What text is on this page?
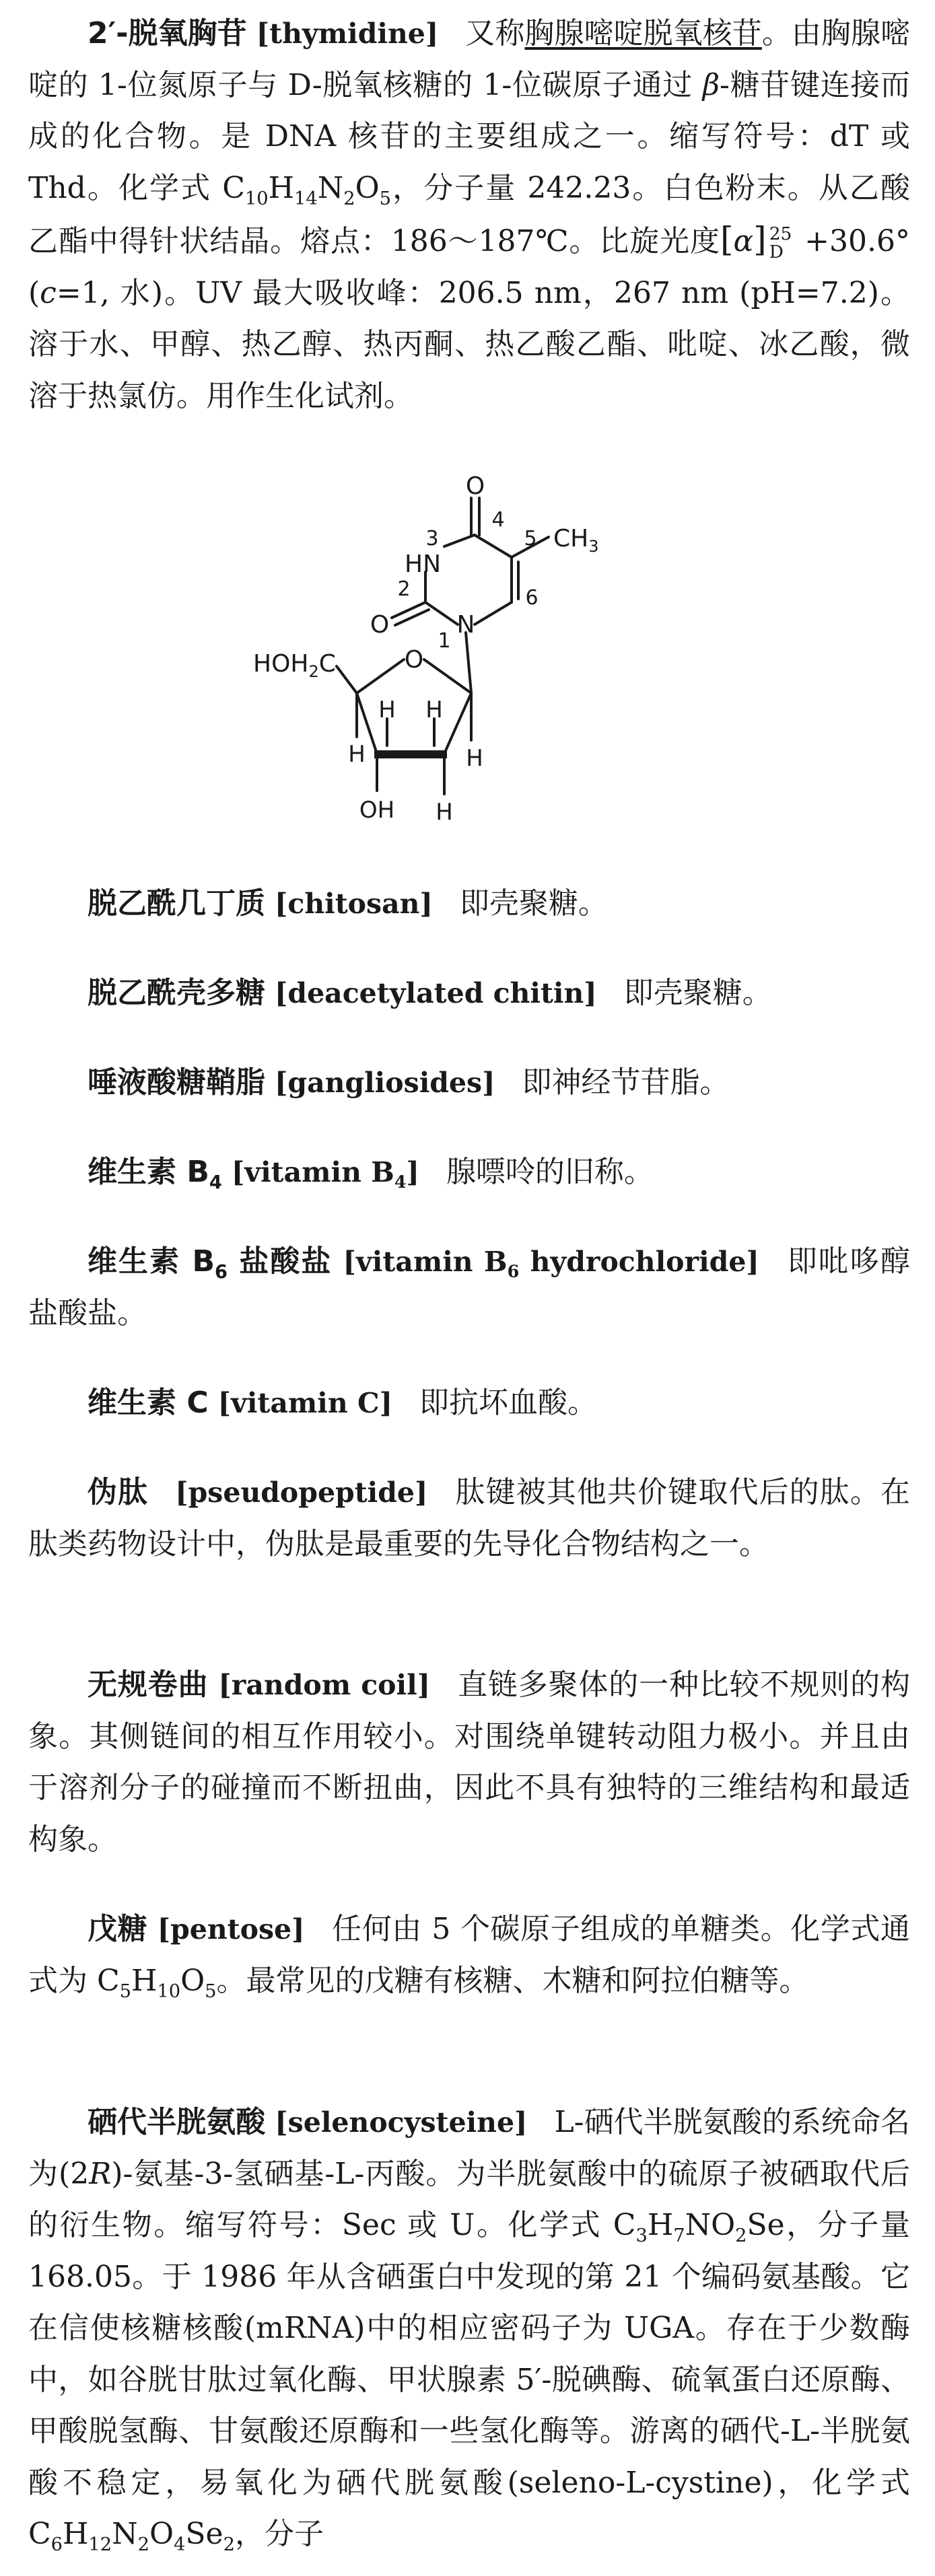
2′-脱氧胸苷 [thymidine] 又称胸腺嘧啶脱氧核苷。由胸腺嘧啶的 1-位氮原子与 D-脱氧核糖的 1-位碳原子通过 β-糖苷键连接而成的化合物。是 DNA 核苷的主要组成之一。缩写符号：dT 或 Thd。化学式 $C_{10}H_{14}N_2O_5$，分子量 242.23。白色粉末。从乙酸乙酯中得针状结晶。熔点：186～187℃。比旋光度[α] 25
D +30.6°(c=1, 水)。UV 最大吸收峰：206.5 nm，267 nm (pH=7.2)。溶于水、甲醇、热乙醇、热丙酮、热乙酸乙酯、吡啶、冰乙酸，微溶于热氯仿。用作生化试剂。

O
4
3
HN
5 $CH_3$
2	6
O	N
1
O
$HOH_2C$
H H
H	H
H
OH

脱乙酰几丁质 [chitosan] 即壳聚糖。

脱乙酰壳多糖 [deacetylated chitin] 即壳聚糖。

唾液酸糖鞘脂 [gangliosides] 即神经节苷脂。

维生素 $B_4$ [vitamin $B_4$] 腺嘌呤的旧称。

维生素 $B_6$ 盐酸盐 [vitamin $B_6$ hydrochloride] 即吡哆醇盐酸盐。

维生素 C [vitamin C] 即抗坏血酸。

伪肽 [pseudopeptide] 肽键被其他共价键取代后的肽。在肽类药物设计中，伪肽是最重要的先导化合物结构之一。

无规卷曲 [random coil] 直链多聚体的一种比较不规则的构象。其侧链间的相互作用较小。对围绕单键转动阻力极小。并且由于溶剂分子的碰撞而不断扭曲，因此不具有独特的三维结构和最适构象。

戊糖 [pentose] 任何由 5 个碳原子组成的单糖类。化学式通式为 $C_5H_{10}O_5$。最常见的戊糖有核糖、木糖和阿拉伯糖等。

硒代半胱氨酸 [selenocysteine] L-硒代半胱氨酸的系统命名为(2R)-氨基-3-氢硒基-L-丙酸。为半胱氨酸中的硫原子被硒取代后的衍生物。缩写符号：Sec 或 U。化学式 $C_3H_7NO_2Se$，分子量 168.05。于 1986 年从含硒蛋白中发现的第 21 个编码氨基酸。它在信使核糖核酸(mRNA)中的相应密码子为 UGA。存在于少数酶中，如谷胱甘肽过氧化酶、甲状腺素 5′-脱碘酶、硫氧蛋白还原酶、甲酸脱氢酶、甘氨酸还原酶和一些氢化酶等。游离的硒代-L-半胱氨酸不稳定，易氧化为硒代胱氨酸(seleno-L-cystine)，化学式 $C_6H_{12}N_2O_4Se_2$，分子
